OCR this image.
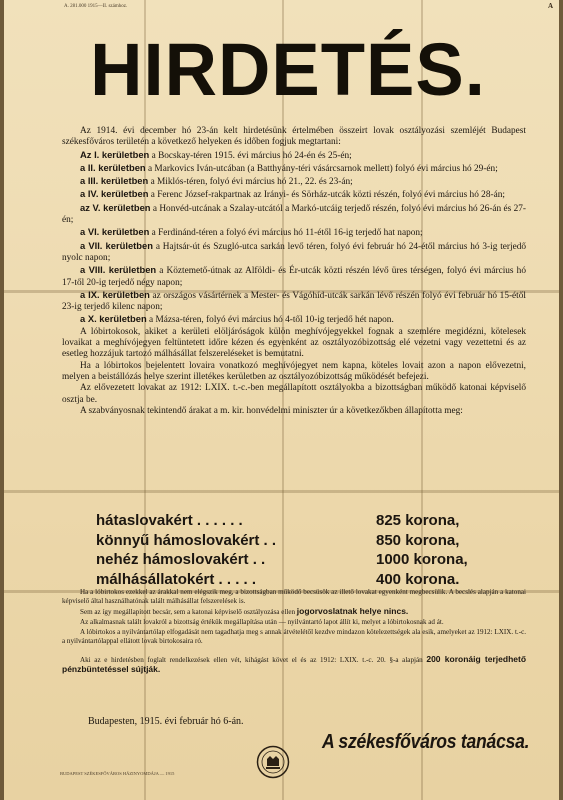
A. 281.000 1915—II. számhoz.	A
HIRDETÉS.

Az 1914. évi december hó 23-án kelt hirdetésünk értelmében összeirt lovak osztályozási szemléjét Budapest székesfőváros területén a következő helyeken és időben fogjuk megtartani:

Az I. kerületben a Bocskay-téren 1915. évi március hó 24-én és 25-én;

a II. kerületben a Markovics Iván-utcában (a Batthyány-téri vásárcsarnok mellett) folyó évi március hó 29-én;

a III. kerületben a Miklós-téren, folyó évi március hó 21., 22. és 23-án;

a IV. kerületben a Ferenc József-rakpartnak az Irányi- és Sörház-utcák közti részén, folyó évi március hó 28-án;

az V. kerületben a Honvéd-utcának a Szalay-utcától a Markó-utcáig terjedő részén, folyó évi március hó 26-án és 27-én;

a VI. kerületben a Ferdinánd-téren a folyó évi március hó 11-étől 16-ig terjedő hat napon;

a VII. kerületben a Hajtsár-út és Szugló-utca sarkán levő téren, folyó évi február hó 24-étől március hó 3-ig terjedő nyolc napon;

a VIII. kerületben a Köztemető-útnak az Alföldi- és Ér-utcák közti részén lévő üres térségen, folyó évi március hó 17-től 20-ig terjedő négy napon;

a IX. kerületben az országos vásártérnek a Mester- és Vágóhíd-utcák sarkán lévő részén folyó évi február hó 15-étől 23-ig terjedő kilenc napon;

a X. kerületben a Mázsa-téren, folyó évi március hó 4-től 10-ig terjedő hét napon.

A lóbirtokosok, akiket a kerületi elöljáróságok külön meghívójegyekkel fognak a szemlére megidézni, kötelesek lovaikat a meghívójegyen feltüntetett időre kézen és egyenként az osztályozóbizottság elé vezetni vagy vezettetni és az esetleg hozzájuk tartozó málhásállat felszereléseket is bemutatni.

Ha a lóbirtokos bejelentett lovaira vonatkozó meghívójegyet nem kapna, köteles lovait azon a napon elővezetni, melyen a beistállózás helye szerint illetékes kerületben az osztályozóbizottság működését befejezi.

Az elővezetett lovakat az 1912: LXIX. t.-c.-ben megállapított osztályokba a bizottságban működő katonai képviselő osztja be.

A szabványosnak tekintendő árakat a m. kir. honvédelmi miniszter úr a következőkben állapította meg:

hátaslovakért . . . . . .	825 korona,
könnyű hámoslovakért . .	850 korona,
nehéz hámoslovakért . .	1000 korona,
málhásállatokért . . . . .	400 korona.

Ha a lóbirtokos ezekkel az árakkal nem elégszik meg, a bizottságban működő becsüsök az illető lovakat egyenként megbecsülik. A becslés alapján a katonai képviselő által használhatónak talált málhásállat felszerelések is.

Sem az így megállapított becsár, sem a katonai képviselő osztályozása ellen jogorvoslatnak helye nincs.

Az alkalmasnak talált lovakról a bizottság értékük megállapítása után — nyilvántartó lapot állít ki, melyet a lóbirtokosnak ad át.

A lóbirtokos a nyilvántartólap elfogadását nem tagadhatja meg s annak átvételétől kezdve mindazon kötelezettségek ala esik, amelyeket az 1912: LXIX. t.-c. a nyilvántartólappal ellátott lovak birtokosaira ró.

Aki az e hirdetésben foglalt rendelkezések ellen vét, kihágást követ el és az 1912: LXIX. t.-c. 20. §-a alapján 200 koronáig terjedhető pénzbüntetéssel sújtják.

Budapesten, 1915. évi február hó 6-án.
A székesfőváros tanácsa.
BUDAPEST SZÉKESFŐVÁROS HÁZINYOMDÁJA — 1915
